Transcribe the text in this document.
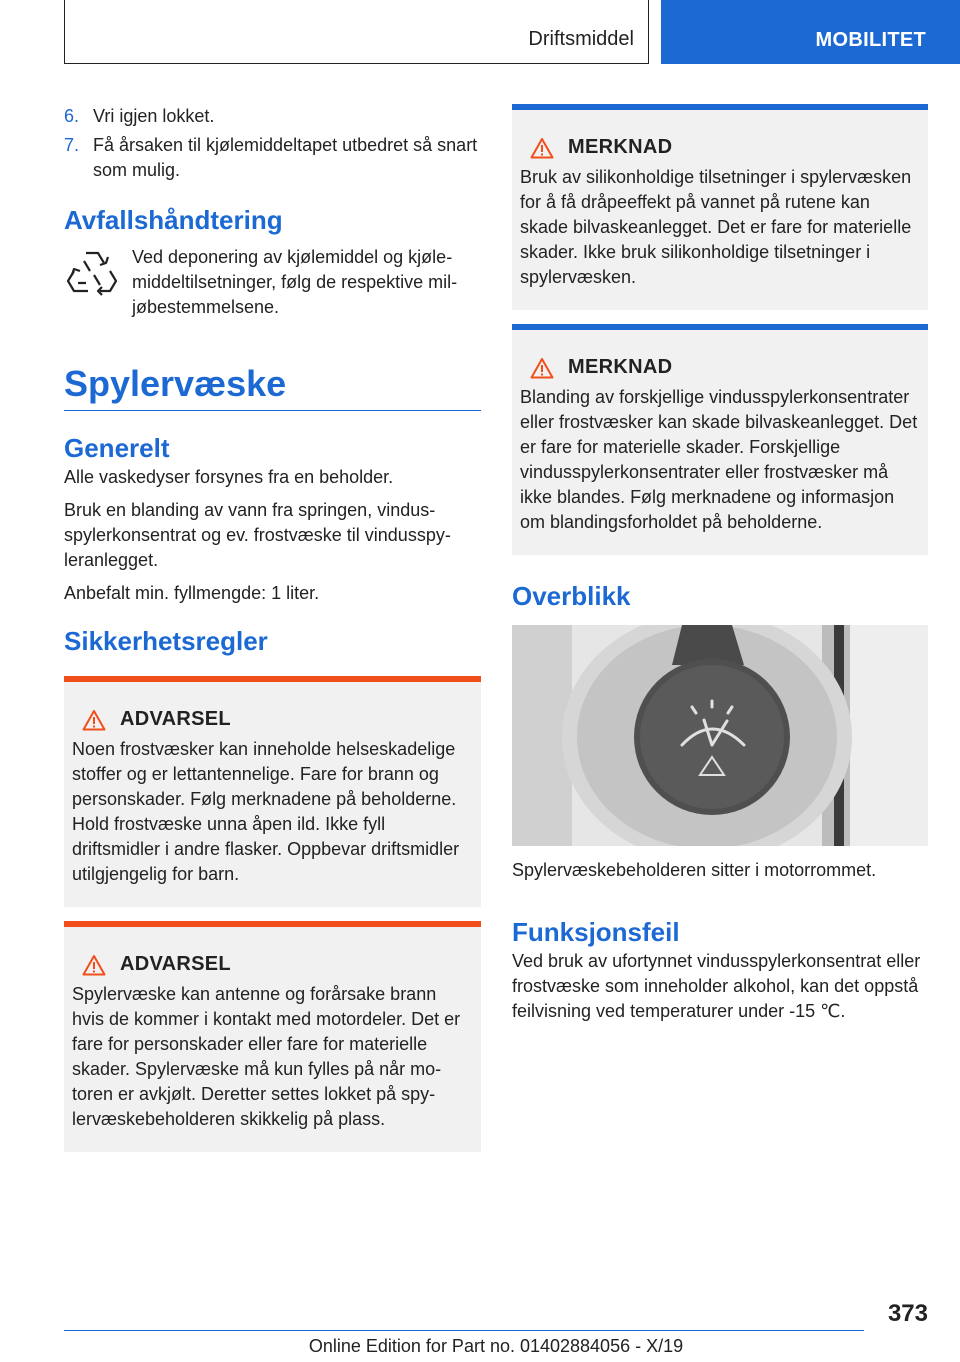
Driftsmiddel	MOBILITET
6. Vri igjen lokket.
7. Få årsaken til kjølemiddeltapet utbedret så snart som mulig.
Avfallshåndtering
Ved deponering av kjølemiddel og kjølemiddeltilsetninger, følg de respektive miljøbestemmelsene.
Spylervæske
Generelt

Alle vaskedyser forsynes fra en beholder.

Bruk en blanding av vann fra springen, vindusspylerkonsentrat og ev. frostvæske til vindusspyleranlegget.

Anbefalt min. fyllmengde: 1 liter.

Sikkerhetsregler
ADVARSEL
Noen frostvæsker kan inneholde helseskadelige stoffer og er lettantennelige. Fare for brann og personskader. Følg merknadene på beholderne. Hold frostvæske unna åpen ild. Ikke fyll driftsmidler i andre flasker. Oppbevar driftsmidler utilgjengelig for barn.
ADVARSEL
Spylervæske kan antenne og forårsake brann hvis de kommer i kontakt med motordeler. Det er fare for personskader eller fare for materielle skader. Spylervæske må kun fylles på når motoren er avkjølt. Deretter settes lokket på spylervæskebeholderen skikkelig på plass.
MERKNAD
Bruk av silikonholdige tilsetninger i spylervæsken for å få dråpeeffekt på vannet på rutene kan skade bilvaskeanlegget. Det er fare for materielle skader. Ikke bruk silikonholdige tilsetninger i spylervæsken.
MERKNAD
Blanding av forskjellige vindusspylerkonsentrater eller frostvæsker kan skade bilvaskeanlegget. Det er fare for materielle skader. Forskjellige vindusspylerkonsentrater eller frostvæsker må ikke blandes. Følg merknadene og informasjon om blandingsforholdet på beholderne.
Overblikk
Spylervæskebeholderen sitter i motorrommet.
Funksjonsfeil
Ved bruk av ufortynnet vindusspylerkonsentrat eller frostvæske som inneholder alkohol, kan det oppstå feilvisning ved temperaturer under -15 ℃.
373
Online Edition for Part no. 01402884056 - X/19
